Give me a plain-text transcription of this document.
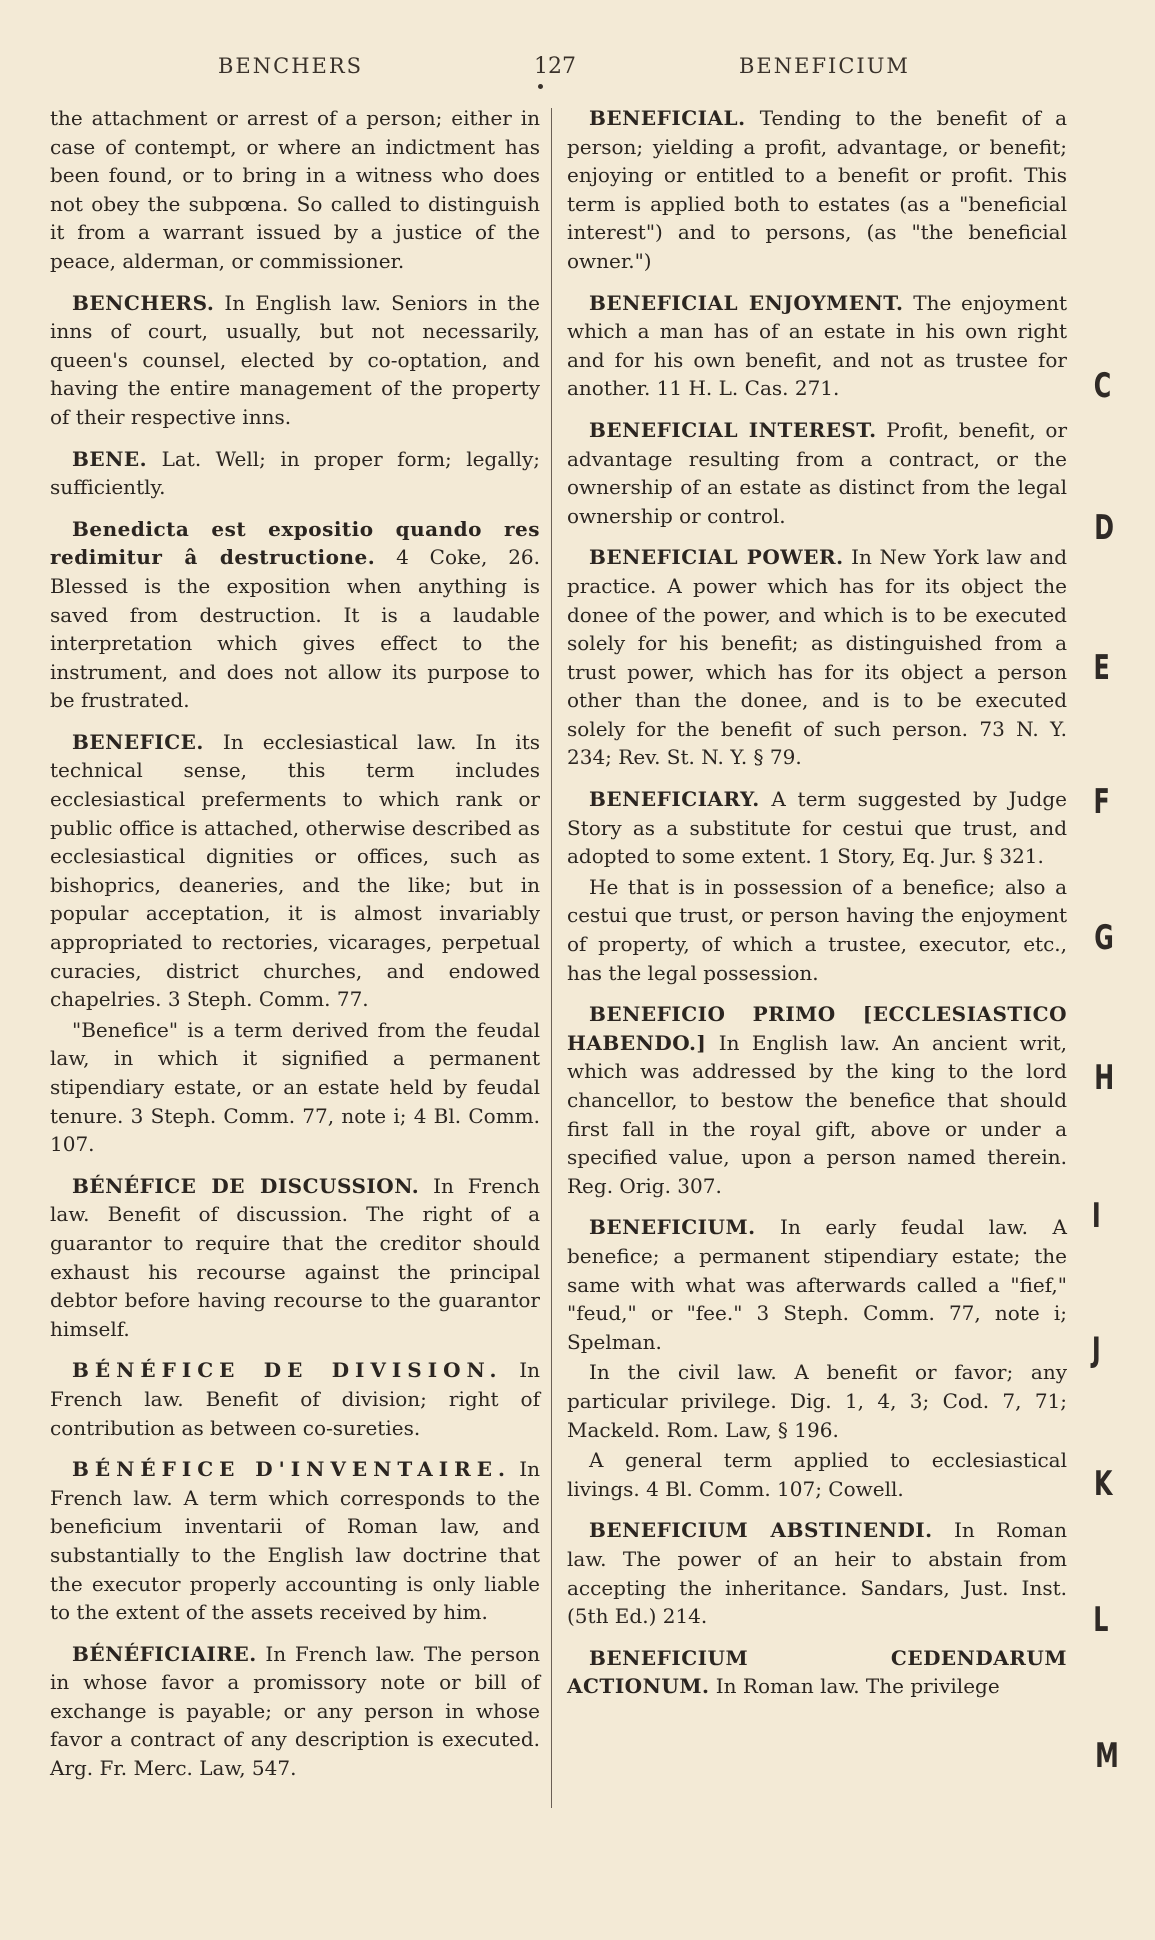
BENCHERS	127	BENEFICIUM

the attachment or arrest of a person; either in case of contempt, or where an indictment has been found, or to bring in a witness who does not obey the subpœna. So called to distinguish it from a warrant issued by a justice of the peace, alderman, or commissioner.

BENCHERS. In English law. Seniors in the inns of court, usually, but not necessarily, queen's counsel, elected by co-optation, and having the entire management of the property of their respective inns.

BENE. Lat. Well; in proper form; legally; sufficiently.

Benedicta est expositio quando res redimitur â destructione. 4 Coke, 26. Blessed is the exposition when anything is saved from destruction. It is a laudable interpretation which gives effect to the instrument, and does not allow its purpose to be frustrated.

BENEFICE. In ecclesiastical law. In its technical sense, this term includes ecclesiastical preferments to which rank or public office is attached, otherwise described as ecclesiastical dignities or offices, such as bishoprics, deaneries, and the like; but in popular acceptation, it is almost invariably appropriated to rectories, vicarages, perpetual curacies, district churches, and endowed chapelries. 3 Steph. Comm. 77.

"Benefice" is a term derived from the feudal law, in which it signified a permanent stipendiary estate, or an estate held by feudal tenure. 3 Steph. Comm. 77, note i; 4 Bl. Comm. 107.

BÉNÉFICE DE DISCUSSION. In French law. Benefit of discussion. The right of a guarantor to require that the creditor should exhaust his recourse against the principal debtor before having recourse to the guarantor himself.

BÉNÉFICE DE DIVISION. In French law. Benefit of division; right of contribution as between co-sureties.

BÉNÉFICE D'INVENTAIRE. In French law. A term which corresponds to the beneficium inventarii of Roman law, and substantially to the English law doctrine that the executor properly accounting is only liable to the extent of the assets received by him.

BÉNÉFICIAIRE. In French law. The person in whose favor a promissory note or bill of exchange is payable; or any person in whose favor a contract of any description is executed. Arg. Fr. Merc. Law, 547.

BENEFICIAL. Tending to the benefit of a person; yielding a profit, advantage, or benefit; enjoying or entitled to a benefit or profit. This term is applied both to estates (as a "beneficial interest") and to persons, (as "the beneficial owner.")

BENEFICIAL ENJOYMENT. The enjoyment which a man has of an estate in his own right and for his own benefit, and not as trustee for another. 11 H. L. Cas. 271.

BENEFICIAL INTEREST. Profit, benefit, or advantage resulting from a contract, or the ownership of an estate as distinct from the legal ownership or control.

BENEFICIAL POWER. In New York law and practice. A power which has for its object the donee of the power, and which is to be executed solely for his benefit; as distinguished from a trust power, which has for its object a person other than the donee, and is to be executed solely for the benefit of such person. 73 N. Y. 234; Rev. St. N. Y. § 79.

BENEFICIARY. A term suggested by Judge Story as a substitute for cestui que trust, and adopted to some extent. 1 Story, Eq. Jur. § 321.

He that is in possession of a benefice; also a cestui que trust, or person having the enjoyment of property, of which a trustee, executor, etc., has the legal possession.

BENEFICIO PRIMO [ECCLESIASTICO HABENDO.] In English law. An ancient writ, which was addressed by the king to the lord chancellor, to bestow the benefice that should first fall in the royal gift, above or under a specified value, upon a person named therein. Reg. Orig. 307.

BENEFICIUM. In early feudal law. A benefice; a permanent stipendiary estate; the same with what was afterwards called a "fief," "feud," or "fee." 3 Steph. Comm. 77, note i; Spelman.

In the civil law. A benefit or favor; any particular privilege. Dig. 1, 4, 3; Cod. 7, 71; Mackeld. Rom. Law, § 196.

A general term applied to ecclesiastical livings. 4 Bl. Comm. 107; Cowell.

BENEFICIUM ABSTINENDI. In Roman law. The power of an heir to abstain from accepting the inheritance. Sandars, Just. Inst. (5th Ed.) 214.

BENEFICIUM CEDENDARUM ACTIONUM. In Roman law. The privilege

C
D
E
F
G
H
I
J
K
L
M
